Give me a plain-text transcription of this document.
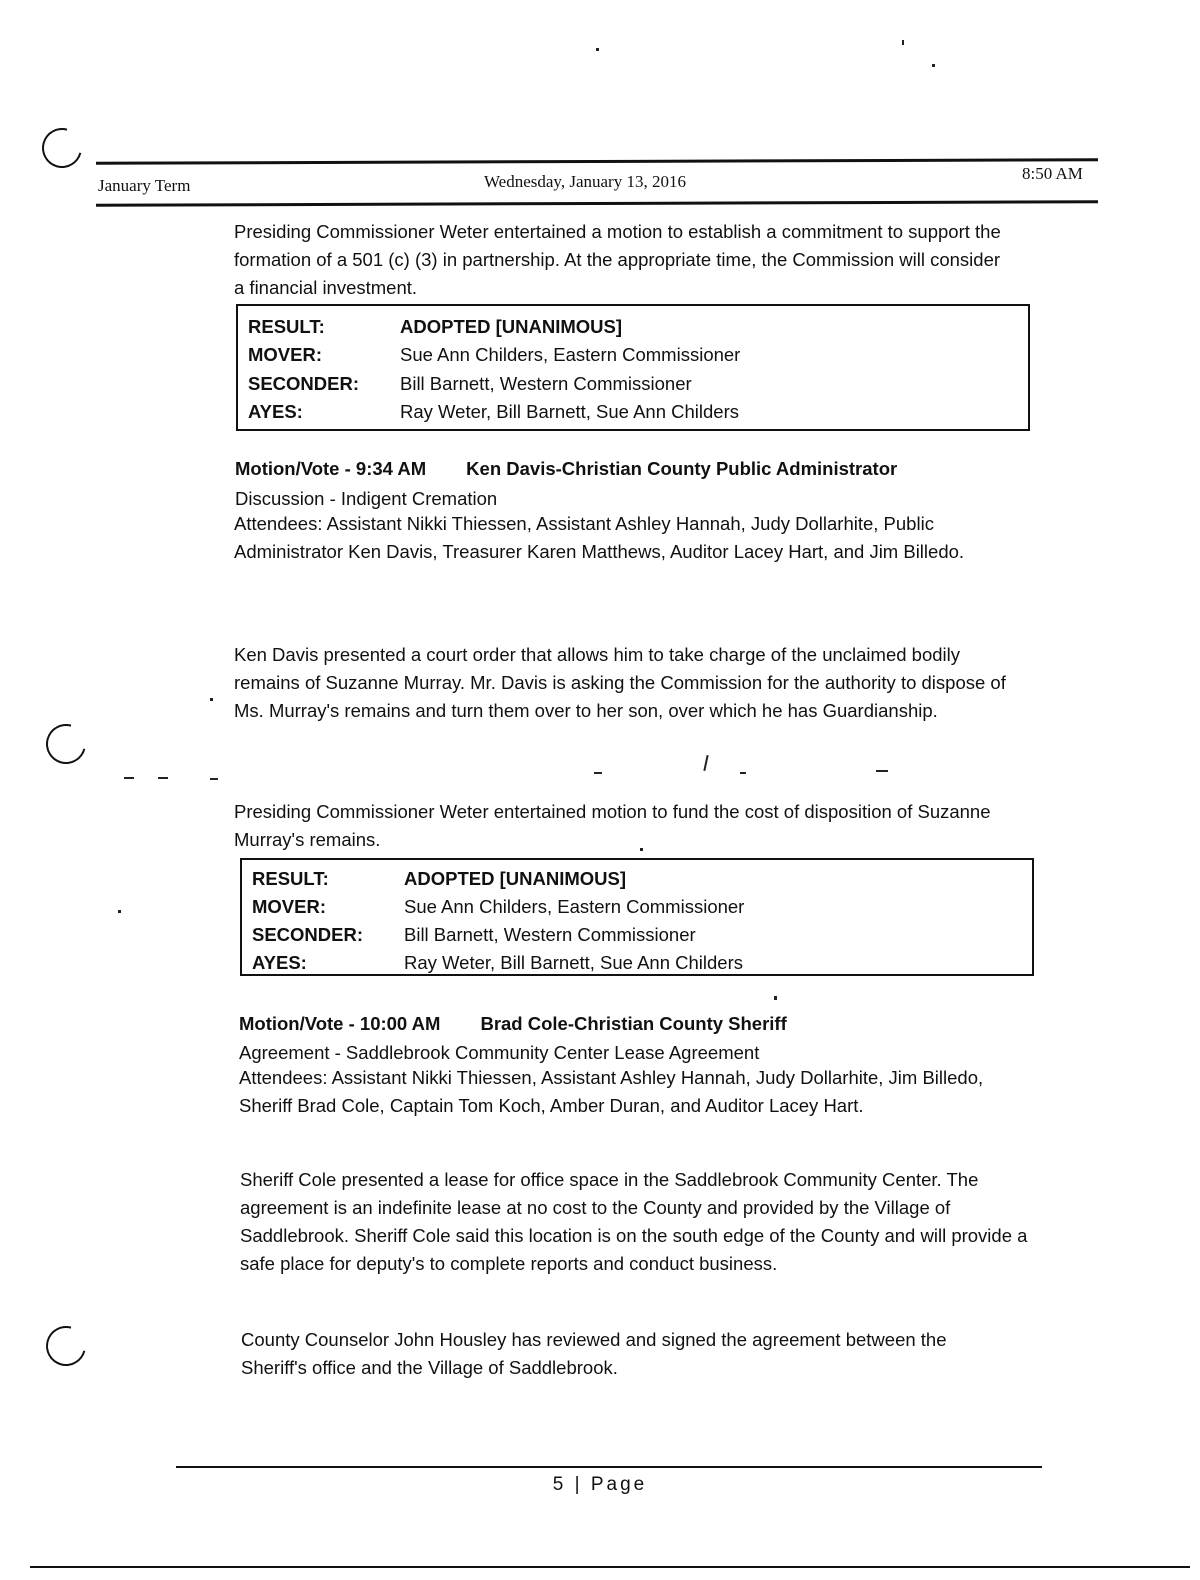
January Term	Wednesday, January 13, 2016	8:50 AM

Presiding Commissioner Weter entertained a motion to establish a commitment to support the formation of a 501 (c) (3) in partnership. At the appropriate time, the Commission will consider a financial investment.

RESULT:	ADOPTED [UNANIMOUS]
MOVER:	Sue Ann Childers, Eastern Commissioner
SECONDER: Bill Barnett, Western Commissioner
AYES:	Ray Weter, Bill Barnett, Sue Ann Childers
Motion/Vote - 9:34 AM Ken Davis-Christian County Public Administrator
Discussion - Indigent Cremation

Attendees: Assistant Nikki Thiessen, Assistant Ashley Hannah, Judy Dollarhite, Public Administrator Ken Davis, Treasurer Karen Matthews, Auditor Lacey Hart, and Jim Billedo.

Ken Davis presented a court order that allows him to take charge of the unclaimed bodily remains of Suzanne Murray. Mr. Davis is asking the Commission for the authority to dispose of Ms. Murray's remains and turn them over to her son, over which he has Guardianship.

Presiding Commissioner Weter entertained motion to fund the cost of disposition of Suzanne Murray's remains.

RESULT:	ADOPTED [UNANIMOUS]
MOVER:	Sue Ann Childers, Eastern Commissioner
SECONDER: Bill Barnett, Western Commissioner
AYES:	Ray Weter, Bill Barnett, Sue Ann Childers
Motion/Vote - 10:00 AM Brad Cole-Christian County Sheriff
Agreement - Saddlebrook Community Center Lease Agreement

Attendees: Assistant Nikki Thiessen, Assistant Ashley Hannah, Judy Dollarhite, Jim Billedo, Sheriff Brad Cole, Captain Tom Koch, Amber Duran, and Auditor Lacey Hart.

Sheriff Cole presented a lease for office space in the Saddlebrook Community Center. The agreement is an indefinite lease at no cost to the County and provided by the Village of Saddlebrook. Sheriff Cole said this location is on the south edge of the County and will provide a safe place for deputy's to complete reports and conduct business.

County Counselor John Housley has reviewed and signed the agreement between the Sheriff's office and the Village of Saddlebrook.

5 | Page
